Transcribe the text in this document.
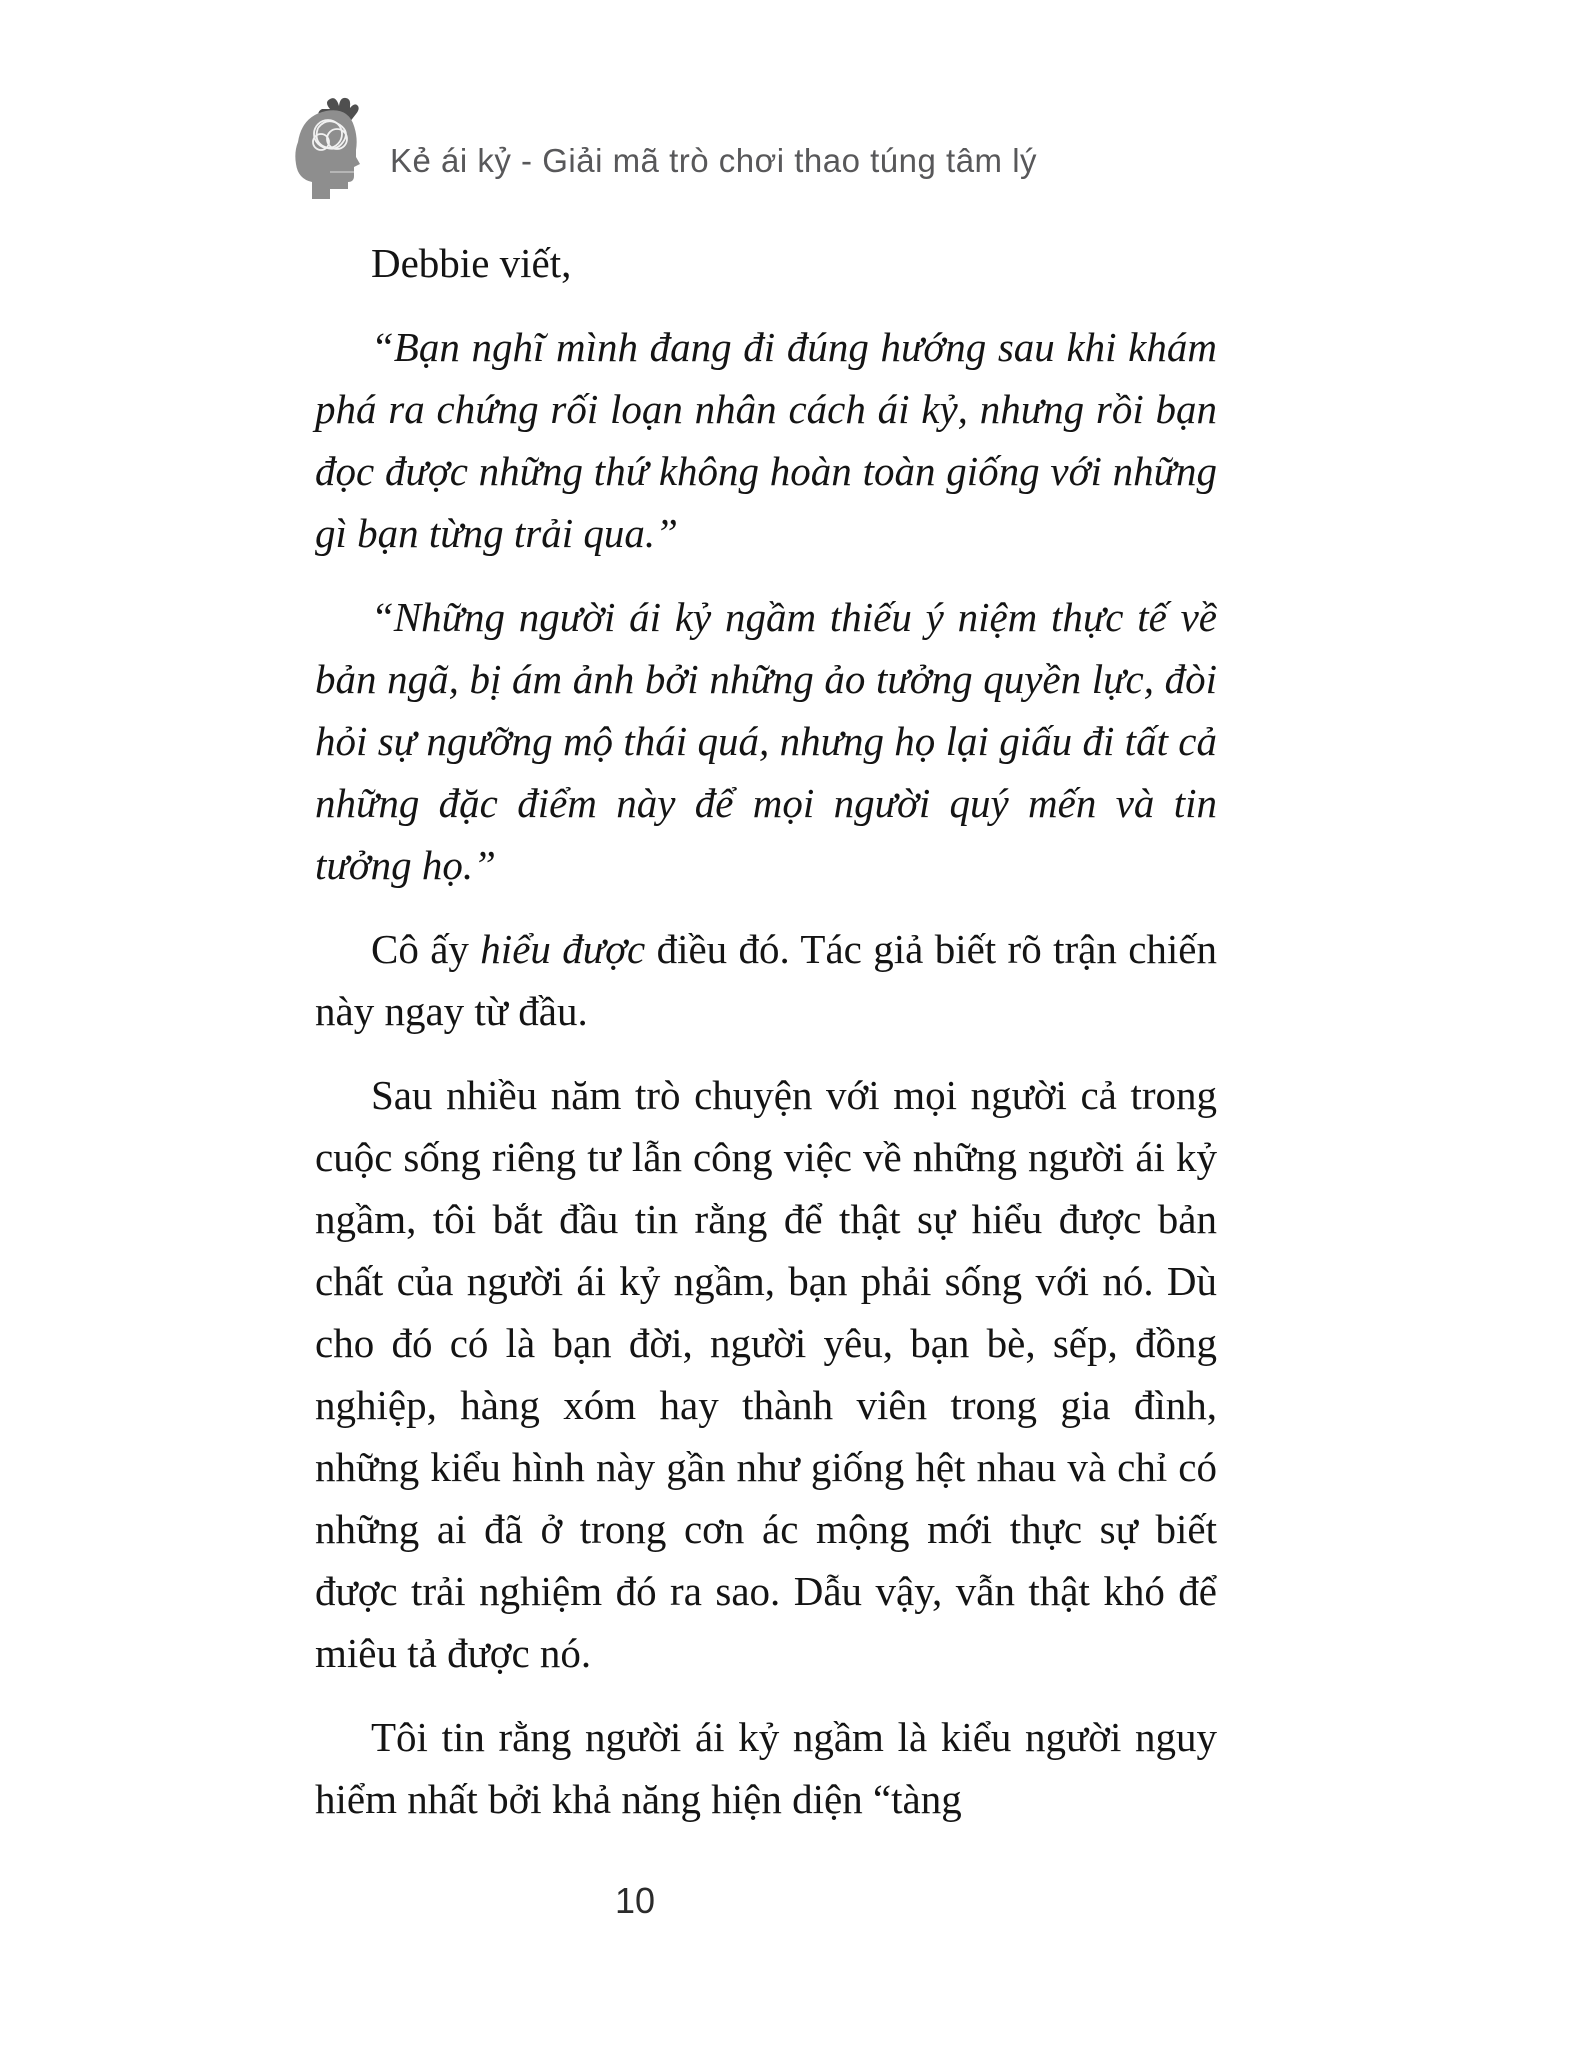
Kẻ ái kỷ - Giải mã trò chơi thao túng tâm lý

Debbie viết,

“Bạn nghĩ mình đang đi đúng hướng sau khi khám phá ra chứng rối loạn nhân cách ái kỷ, nhưng rồi bạn đọc được những thứ không hoàn toàn giống với những gì bạn từng trải qua.”

“Những người ái kỷ ngầm thiếu ý niệm thực tế về bản ngã, bị ám ảnh bởi những ảo tưởng quyền lực, đòi hỏi sự ngưỡng mộ thái quá, nhưng họ lại giấu đi tất cả những đặc điểm này để mọi người quý mến và tin tưởng họ.”

Cô ấy hiểu được điều đó. Tác giả biết rõ trận chiến này ngay từ đầu.

Sau nhiều năm trò chuyện với mọi người cả trong cuộc sống riêng tư lẫn công việc về những người ái kỷ ngầm, tôi bắt đầu tin rằng để thật sự hiểu được bản chất của người ái kỷ ngầm, bạn phải sống với nó. Dù cho đó có là bạn đời, người yêu, bạn bè, sếp, đồng nghiệp, hàng xóm hay thành viên trong gia đình, những kiểu hình này gần như giống hệt nhau và chỉ có những ai đã ở trong cơn ác mộng mới thực sự biết được trải nghiệm đó ra sao. Dẫu vậy, vẫn thật khó để miêu tả được nó.

Tôi tin rằng người ái kỷ ngầm là kiểu người nguy hiểm nhất bởi khả năng hiện diện “tàng

10
